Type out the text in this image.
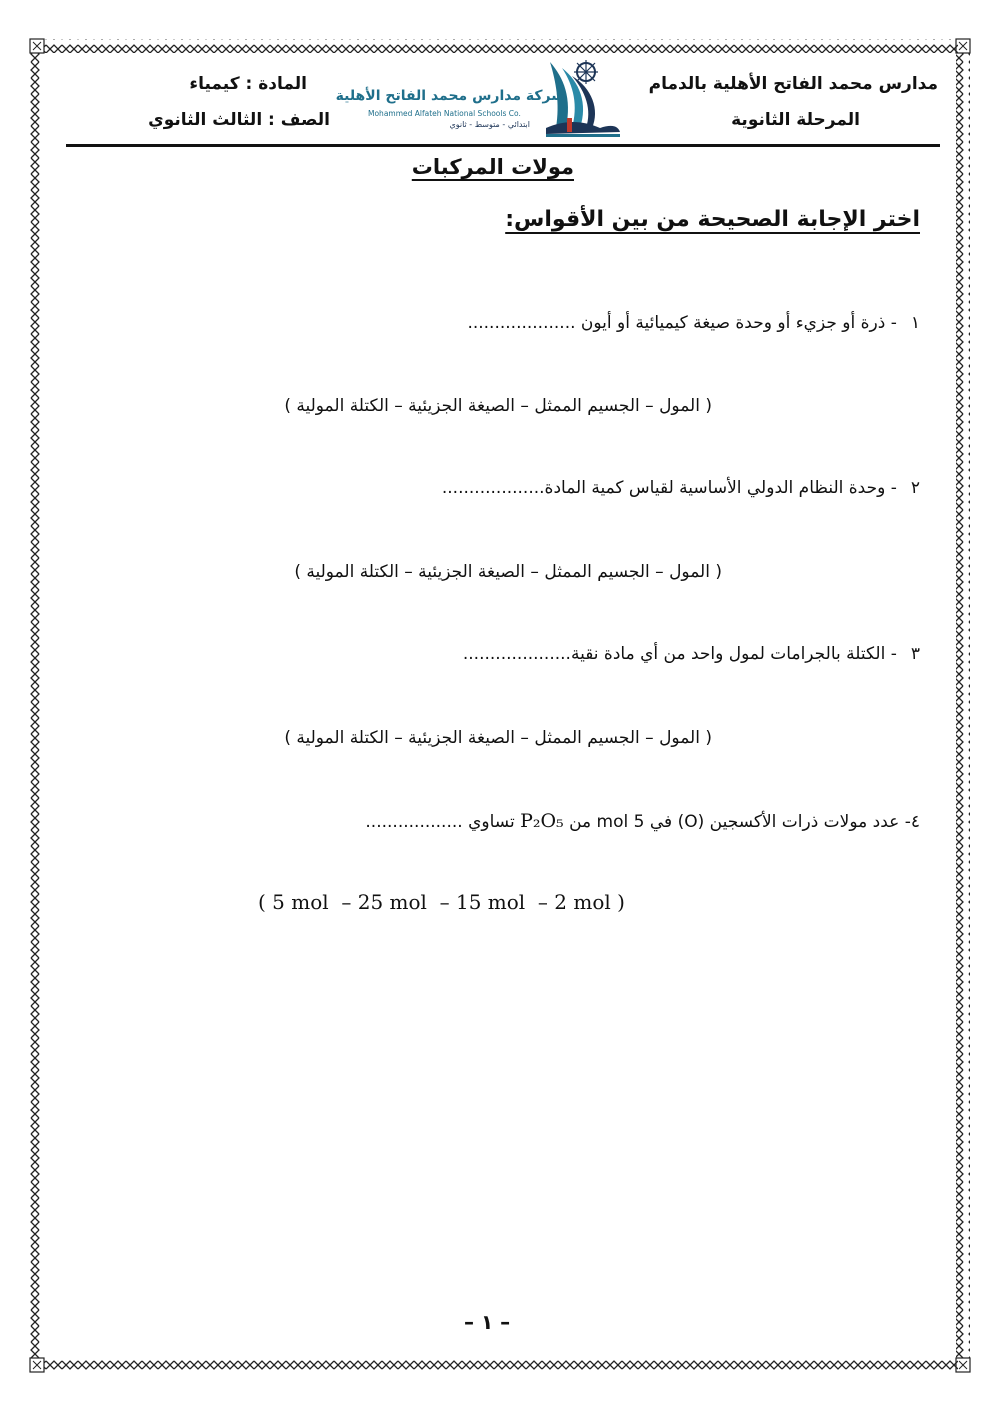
مدارس محمد الفاتح الأهلية بالدمام
المرحلة الثانوية
المادة : كيمياء
الصف : الثالث الثانوي
شركة مدارس محمد الفاتح الأهلية
Mohammed Alfateh National Schools Co.
ابتدائي - متوسط - ثانوي
مولات المركبات
اختر الإجابة الصحيحة من بين الأقواس:
١- ذرة أو جزيء أو وحدة صيغة كيميائية أو أيون ....................
( المول – الجسيم الممثل – الصيغة الجزيئية – الكتلة المولية )
٢- وحدة النظام الدولي الأساسية لقياس كمية المادة...................
( المول – الجسيم الممثل – الصيغة الجزيئية – الكتلة المولية )
٣- الكتلة بالجرامات لمول واحد من أي مادة نقية....................
( المول – الجسيم الممثل – الصيغة الجزيئية – الكتلة المولية )
٤- عدد مولات ذرات الأكسجين (O) في 5 mol من P₂O₅ تساوي ..................
( 5 mol  – 25 mol  – 15 mol  – 2 mol )
– ١ –
